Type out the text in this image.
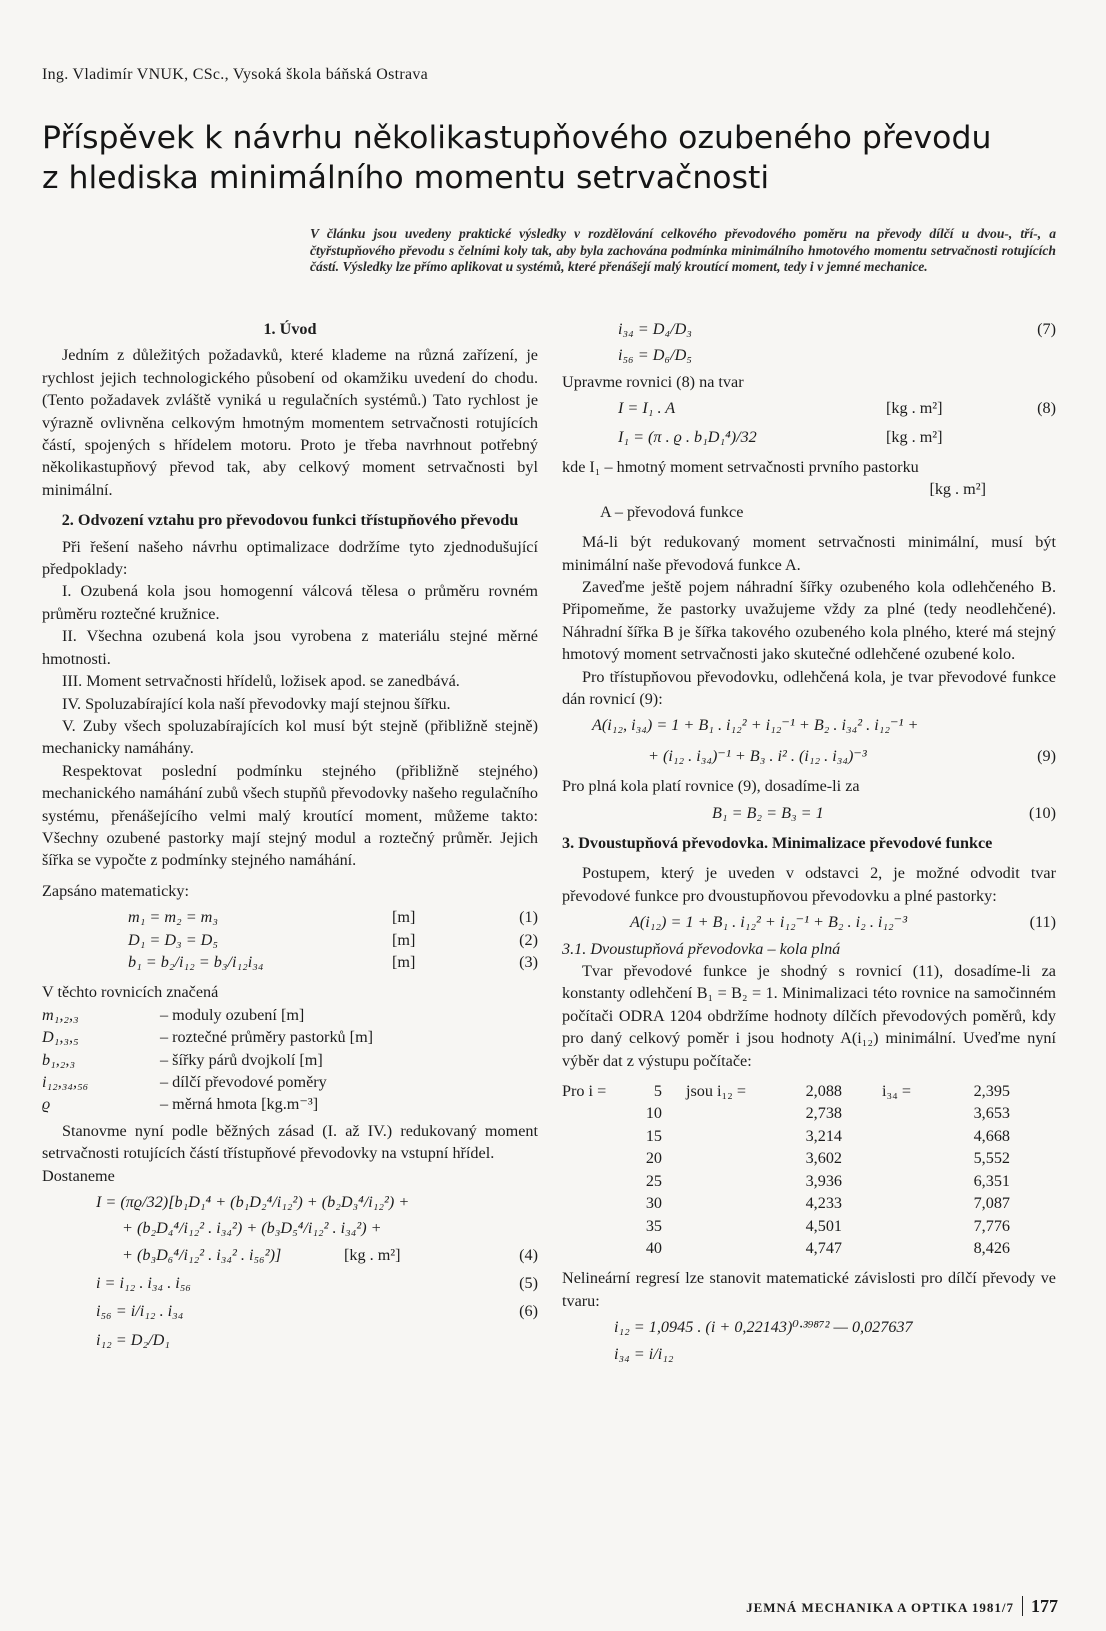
Ing. Vladimír VNUK, CSc., Vysoká škola báňská Ostrava
Příspěvek k návrhu několikastupňového ozubeného převodu
z hlediska minimálního momentu setrvačnosti
V článku jsou uvedeny praktické výsledky v rozdělování celkového převodového poměru na převody dílčí u dvou-, tří-, a čtyřstupňového převodu s čelními koly tak, aby byla zachována podmínka minimálního hmotového momentu setrvačnosti rotujících částí. Výsledky lze přímo aplikovat u systémů, které přenášejí malý kroutící moment, tedy i v jemné mechanice.

1. Úvod

Jedním z důležitých požadavků, které klademe na různá zařízení, je rychlost jejich technologického působení od okamžiku uvedení do chodu. (Tento požadavek zvláště vyniká u regulačních systémů.) Tato rychlost je výrazně ovlivněna celkovým hmotným momentem setrvačnosti rotujících částí, spojených s hřídelem motoru. Proto je třeba navrhnout potřebný několikastupňový převod tak, aby celkový moment setrvačnosti byl minimální.

2. Odvození vztahu pro převodovou funkci třístupňového převodu

Při řešení našeho návrhu optimalizace dodržíme tyto zjednodušující předpoklady:

I. Ozubená kola jsou homogenní válcová tělesa o průměru rovném průměru roztečné kružnice.

II. Všechna ozubená kola jsou vyrobena z materiálu stejné měrné hmotnosti.

III. Moment setrvačnosti hřídelů, ložisek apod. se zanedbává.

IV. Spoluzabírající kola naší převodovky mají stejnou šířku.

V. Zuby všech spoluzabírajících kol musí být stejně (přibližně stejně) mechanicky namáhány.

Respektovat poslední podmínku stejného (přibližně stejného) mechanického namáhání zubů všech stupňů převodovky našeho regulačního systému, přenášejícího velmi malý kroutící moment, můžeme takto: Všechny ozubené pastorky mají stejný modul a roztečný průměr. Jejich šířka se vypočte z podmínky stejného namáhání.

Zapsáno matematicky:

m₁ = m₂ = m₃	[m]	(1)
D₁ = D₃ = D₅	[m]	(2)
b₁ = b₂/i₁₂ = b₃/i₁₂i₃₄	[m]	(3)

V těchto rovnicích značená

m₁,₂,₃	– moduly ozubení [m]
D₁,₃,₅	– roztečné průměry pastorků [m]
b₁,₂,₃	– šířky párů dvojkolí [m]
i₁₂,₃₄,₅₆	– dílčí převodové poměry
ϱ	– měrná hmota [kg.m⁻³]

Stanovme nyní podle běžných zásad (I. až IV.) redukovaný moment setrvačnosti rotujících částí třístupňové převodovky na vstupní hřídel.

Dostaneme

I = (πϱ/32)[b₁D₁⁴ + (b₁D₂⁴/i₁₂²) + (b₂D₃⁴/i₁₂²) +
+ (b₂D₄⁴/i₁₂² . i₃₄²) + (b₃D₅⁴/i₁₂² . i₃₄²) +
+ (b₃D₆⁴/i₁₂² . i₃₄² . i₅₆²)]	[kg . m²]	(4)
i = i₁₂ . i₃₄ . i₅₆	(5)
i₅₆ = i/i₁₂ . i₃₄	(6)
i₁₂ = D₂/D₁
i₃₄ = D₄/D₃	(7)
i₅₆ = D₆/D₅

Upravme rovnici (8) na tvar

I = I₁ . A	[kg . m²]	(8)
I₁ = (π . ϱ . b₁D₁⁴)/32	[kg . m²]

kde I₁ – hmotný moment setrvačnosti prvního pastorku

[kg . m²]

A – převodová funkce

Má-li být redukovaný moment setrvačnosti minimální, musí být minimální naše převodová funkce A.

Zaveďme ještě pojem náhradní šířky ozubeného kola odlehčeného B. Připomeňme, že pastorky uvažujeme vždy za plné (tedy neodlehčené). Náhradní šířka B je šířka takového ozubeného kola plného, které má stejný hmotový moment setrvačnosti jako skutečné odlehčené ozubené kolo.

Pro třístupňovou převodovku, odlehčená kola, je tvar převodové funkce dán rovnicí (9):

A(i₁₂, i₃₄) = 1 + B₁ . i₁₂² + i₁₂⁻¹ + B₂ . i₃₄² . i₁₂⁻¹ +
+ (i₁₂ . i₃₄)⁻¹ + B₃ . i² . (i₁₂ . i₃₄)⁻³	(9)

Pro plná kola platí rovnice (9), dosadíme-li za

B₁ = B₂ = B₃ = 1	(10)

3. Dvoustupňová převodovka. Minimalizace převodové funkce

Postupem, který je uveden v odstavci 2, je možné odvodit tvar převodové funkce pro dvoustupňovou převodovku a plné pastorky:

A(i₁₂) = 1 + B₁ . i₁₂² + i₁₂⁻¹ + B₂ . i₂ . i₁₂⁻³	(11)

3.1. Dvoustupňová převodovka – kola plná

Tvar převodové funkce je shodný s rovnicí (11), dosadíme-li za konstanty odlehčení B₁ = B₂ = 1. Minimalizaci této rovnice na samočinném počítači ODRA 1204 obdržíme hodnoty dílčích převodových poměrů, kdy pro daný celkový poměr i jsou hodnoty A(i₁₂) minimální. Uveďme nyní výběr dat z výstupu počítače:

Pro i =	5	jsou i₁₂ =	2,088	i₃₄ =	2,395
	10		2,738		3,653
	15		3,214		4,668
	20		3,602		5,552
	25		3,936		6,351
	30		4,233		7,087
	35		4,501		7,776
	40		4,747		8,426

Nelineární regresí lze stanovit matematické závislosti pro dílčí převody ve tvaru:

i₁₂ = 1,0945 . (i + 0,22143)⁰·³⁹⁸⁷² — 0,027637
i₃₄ = i/i₁₂
JEMNÁ MECHANIKA A OPTIKA 1981/7 177
